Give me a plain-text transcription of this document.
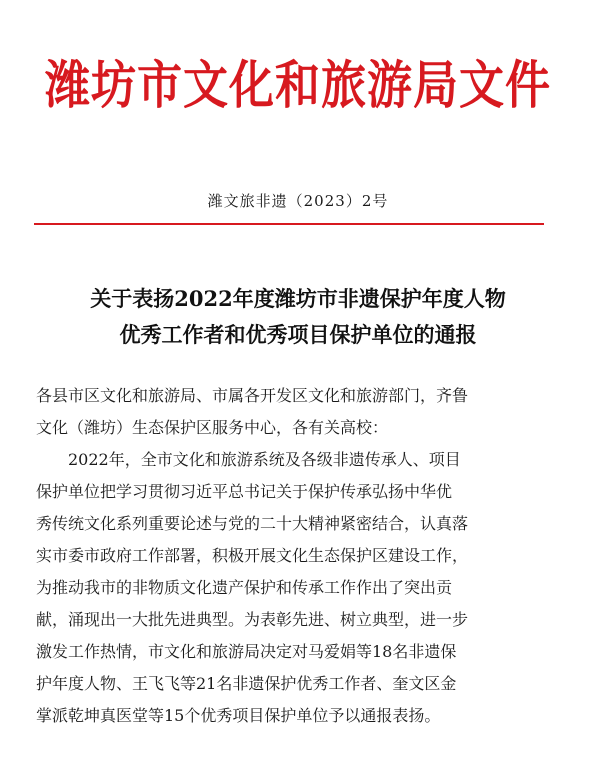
潍坊市文化和旅游局文件
潍文旅非遗（2023）2号
关于表扬2022年度潍坊市非遗保护年度人物
优秀工作者和优秀项目保护单位的通报
各县市区文化和旅游局、市属各开发区文化和旅游部门，齐鲁
文化（潍坊）生态保护区服务中心，各有关高校：
　　2022年，全市文化和旅游系统及各级非遗传承人、项目
保护单位把学习贯彻习近平总书记关于保护传承弘扬中华优
秀传统文化系列重要论述与党的二十大精神紧密结合，认真落
实市委市政府工作部署，积极开展文化生态保护区建设工作，
为推动我市的非物质文化遗产保护和传承工作作出了突出贡
献，涌现出一大批先进典型。为表彰先进、树立典型，进一步
激发工作热情，市文化和旅游局决定对马爱娟等18名非遗保
护年度人物、王飞飞等21名非遗保护优秀工作者、奎文区金
掌派乾坤真医堂等15个优秀项目保护单位予以通报表扬。
